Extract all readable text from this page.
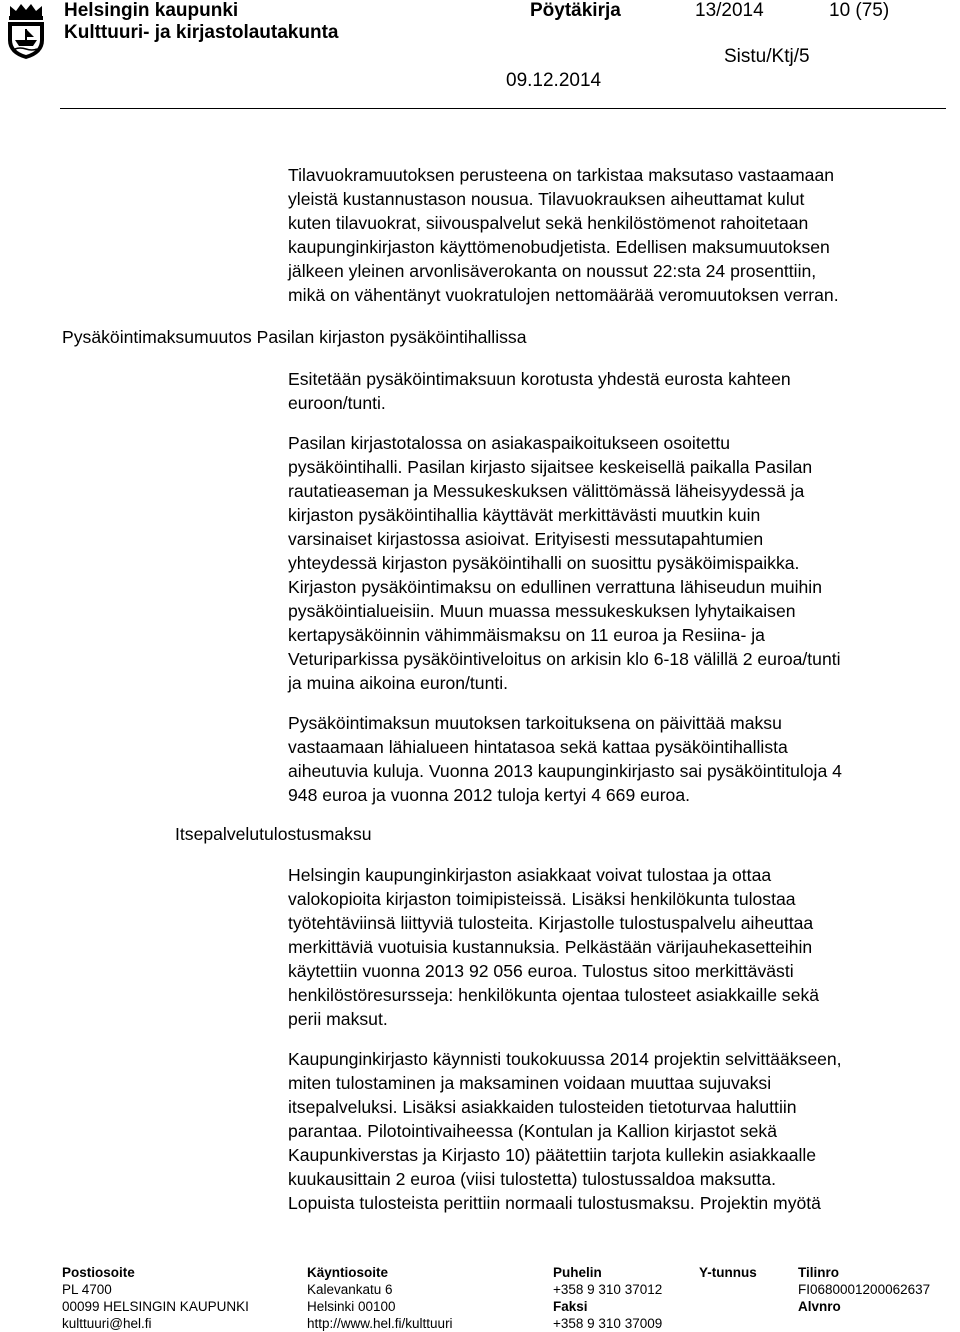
Helsingin kaupunki
Kulttuuri- ja kirjastolautakunta
Pöytäkirja	13/2014	10 (75)
Sistu/Ktj/5
09.12.2014

Tilavuokramuutoksen perusteena on tarkistaa maksutaso vastaamaan
yleistä kustannustason nousua. Tilavuokrauksen aiheuttamat kulut
kuten tilavuokrat, siivouspalvelut sekä henkilöstömenot rahoitetaan
kaupunginkirjaston käyttömenobudjetista. Edellisen maksumuutoksen
jälkeen yleinen arvonlisäverokanta on noussut 22:sta 24 prosenttiin,
mikä on vähentänyt vuokratulojen nettomäärää veromuutoksen verran.

Pysäköintimaksumuutos Pasilan kirjaston pysäköintihallissa

Esitetään pysäköintimaksuun korotusta yhdestä eurosta kahteen
euroon/tunti.

Pasilan kirjastotalossa on asiakaspaikoitukseen osoitettu
pysäköintihalli. Pasilan kirjasto sijaitsee keskeisellä paikalla Pasilan
rautatieaseman ja Messukeskuksen välittömässä läheisyydessä ja
kirjaston pysäköintihallia käyttävät merkittävästi muutkin kuin
varsinaiset kirjastossa asioivat. Erityisesti messutapahtumien
yhteydessä kirjaston pysäköintihalli on suosittu pysäköimispaikka.
Kirjaston pysäköintimaksu on edullinen verrattuna lähiseudun muihin
pysäköintialueisiin. Muun muassa messukeskuksen lyhytaikaisen
kertapysäköinnin vähimmäismaksu on 11 euroa ja Resiina- ja
Veturiparkissa pysäköintiveloitus on arkisin klo 6-18 välillä 2 euroa/tunti
ja muina aikoina euron/tunti.

Pysäköintimaksun muutoksen tarkoituksena on päivittää maksu
vastaamaan lähialueen hintatasoa sekä kattaa pysäköintihallista
aiheutuvia kuluja. Vuonna 2013 kaupunginkirjasto sai pysäköintituloja 4
948 euroa ja vuonna 2012 tuloja kertyi 4 669 euroa.

Itsepalvelutulostusmaksu

Helsingin kaupunginkirjaston asiakkaat voivat tulostaa ja ottaa
valokopioita kirjaston toimipisteissä. Lisäksi henkilökunta tulostaa
työtehtäviinsä liittyviä tulosteita. Kirjastolle tulostuspalvelu aiheuttaa
merkittäviä vuotuisia kustannuksia. Pelkästään värijauhekasetteihin
käytettiin vuonna 2013 92 056 euroa. Tulostus sitoo merkittävästi
henkilöstöresursseja: henkilökunta ojentaa tulosteet asiakkaille sekä
perii maksut.

Kaupunginkirjasto käynnisti toukokuussa 2014 projektin selvittääkseen,
miten tulostaminen ja maksaminen voidaan muuttaa sujuvaksi
itsepalveluksi. Lisäksi asiakkaiden tulosteiden tietoturvaa haluttiin
parantaa. Pilotointivaiheessa (Kontulan ja Kallion kirjastot sekä
Kaupunkiverstas ja Kirjasto 10) päätettiin tarjota kullekin asiakkaalle
kuukausittain 2 euroa (viisi tulostetta) tulostussaldoa maksutta.
Lopuista tulosteista perittiin normaali tulostusmaksu. Projektin myötä

Postiosoite
PL 4700
00099 HELSINGIN KAUPUNKI
kulttuuri@hel.fi
Käyntiosoite
Kalevankatu 6
Helsinki 00100
http://www.hel.fi/kulttuuri
Puhelin
+358 9 310 37012
Faksi
+358 9 310 37009
Y-tunnus	Tilinro
FI0680001200062637
Alvnro
